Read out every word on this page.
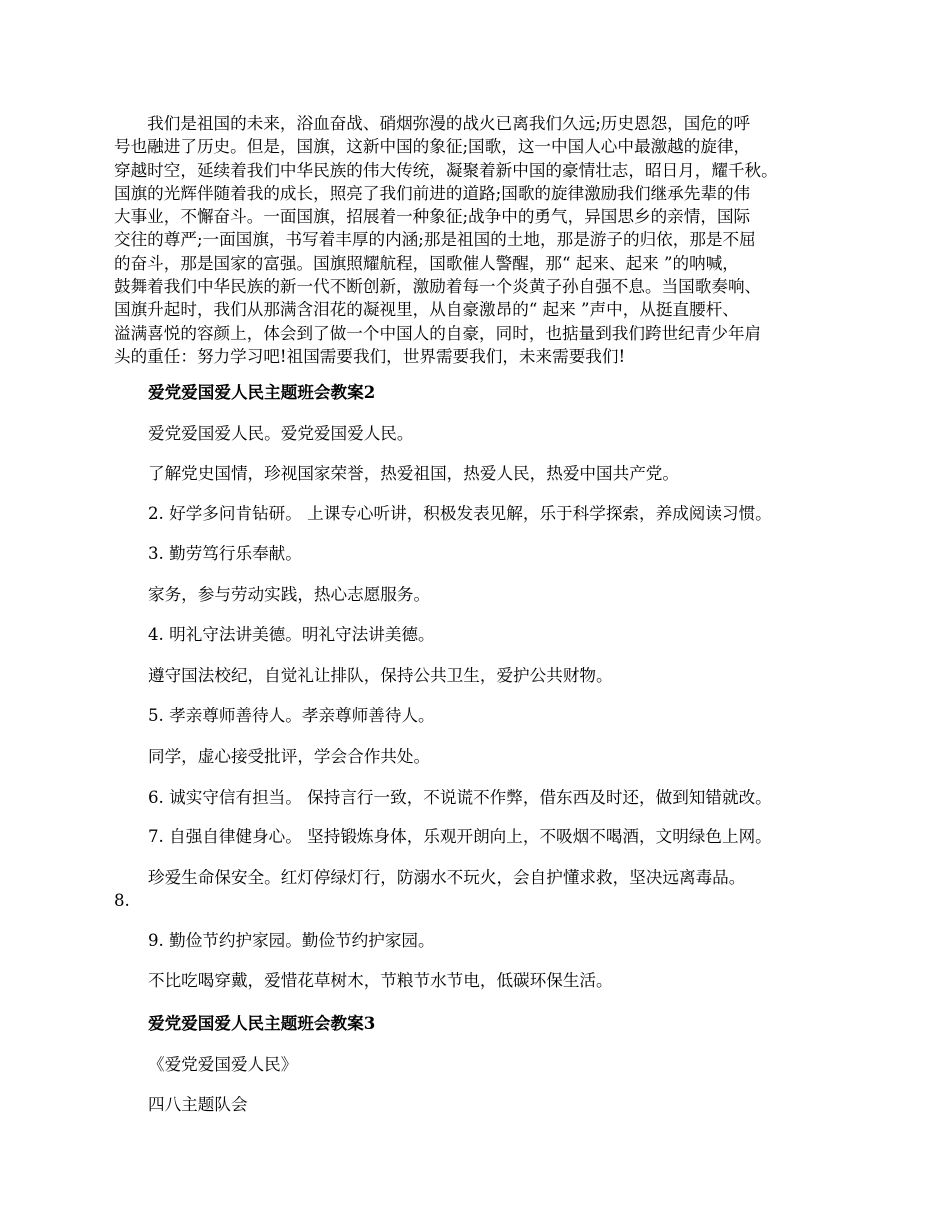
　　我们是祖国的未来，浴血奋战、硝烟弥漫的战火已离我们久远;历史恩怨，国危的呼
号也融进了历史。但是，国旗，这新中国的象征;国歌，这一中国人心中最激越的旋律，
穿越时空，延续着我们中华民族的伟大传统，凝聚着新中国的豪情壮志，昭日月，耀千秋。
国旗的光辉伴随着我的成长，照亮了我们前进的道路;国歌的旋律激励我们继承先辈的伟
大事业，不懈奋斗。一面国旗，招展着一种象征;战争中的勇气，异国思乡的亲情，国际
交往的尊严;一面国旗，书写着丰厚的内涵;那是祖国的土地，那是游子的归依，那是不屈
的奋斗，那是国家的富强。国旗照耀航程，国歌催人警醒，那“ 起来、起来 ”的呐喊，
鼓舞着我们中华民族的新一代不断创新，激励着每一个炎黄子孙自强不息。当国歌奏响、
国旗升起时，我们从那满含泪花的凝视里，从自豪激昂的“ 起来 ”声中，从挺直腰杆、
溢满喜悦的容颜上，体会到了做一个中国人的自豪，同时，也掂量到我们跨世纪青少年肩
头的重任：努力学习吧!祖国需要我们，世界需要我们，未来需要我们!
爱党爱国爱人民主题班会教案2
爱党爱国爱人民。爱党爱国爱人民。
了解党史国情，珍视国家荣誉，热爱祖国，热爱人民，热爱中国共产党。
2. 好学多问肯钻研。 上课专心听讲，积极发表见解，乐于科学探索，养成阅读习惯。
3. 勤劳笃行乐奉献。
家务，参与劳动实践，热心志愿服务。
4. 明礼守法讲美德。明礼守法讲美德。
遵守国法校纪，自觉礼让排队，保持公共卫生，爱护公共财物。
5. 孝亲尊师善待人。孝亲尊师善待人。
同学，虚心接受批评，学会合作共处。
6. 诚实守信有担当。 保持言行一致，不说谎不作弊，借东西及时还，做到知错就改。
7. 自强自律健身心。 坚持锻炼身体，乐观开朗向上，不吸烟不喝酒，文明绿色上网。
珍爱生命保安全。红灯停绿灯行，防溺水不玩火，会自护懂求救，坚决远离毒品。
8.
9. 勤俭节约护家园。勤俭节约护家园。
不比吃喝穿戴，爱惜花草树木，节粮节水节电，低碳环保生活。
爱党爱国爱人民主题班会教案3
《爱党爱国爱人民》
四八主题队会
